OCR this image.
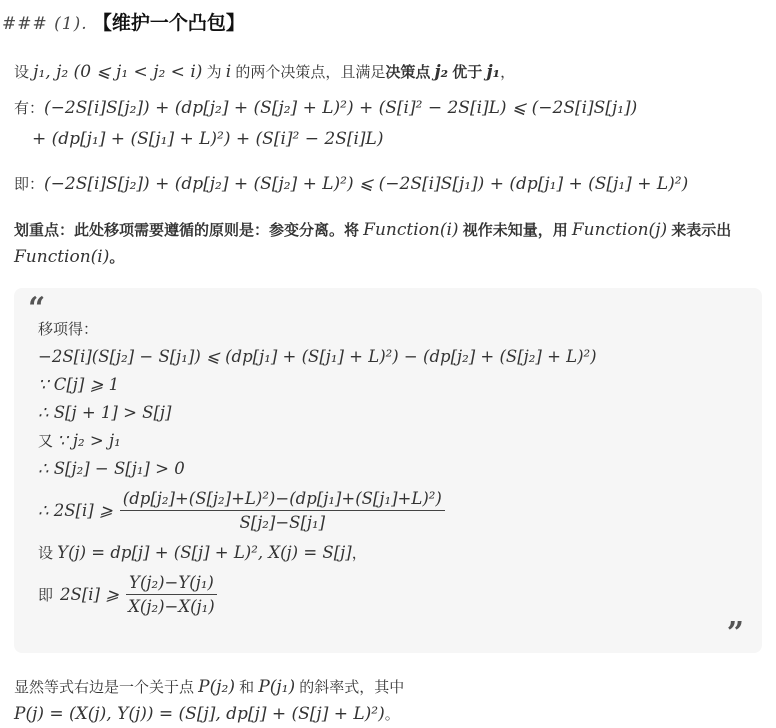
### (1). 【维护一个凸包】

设 j₁, j₂ (0 ⩽ j₁ < j₂ < i) 为 i 的两个决策点，且满足决策点 j₂ 优于 j₁，

有：(−2S[i]S[j₂]) + (dp[j₂] + (S[j₂] + L)²) + (S[i]² − 2S[i]L) ⩽ (−2S[i]S[j₁])
+ (dp[j₁] + (S[j₁] + L)²) + (S[i]² − 2S[i]L)
即：(−2S[i]S[j₂]) + (dp[j₂] + (S[j₂] + L)²) ⩽ (−2S[i]S[j₁]) + (dp[j₁] + (S[j₁] + L)²)

划重点：此处移项需要遵循的原则是：参变分离。将 Function(i) 视作未知量，用 Function(j) 来表示出 Function(i)。

“
移项得：
−2S[i](S[j₂] − S[j₁]) ⩽ (dp[j₁] + (S[j₁] + L)²) − (dp[j₂] + (S[j₂] + L)²)
∵ C[j] ⩾ 1
∴ S[j + 1] > S[j]
又 ∵ j₂ > j₁
∴ S[j₂] − S[j₁] > 0
∴ 2S[i] ⩾ $\frac{\text{(dp[j₂]+(S[j₂]+L)²)−(dp[j₁]+(S[j₁]+L)²)}}{\text{S[j₂]−S[j₁]}}$
设 Y(j) = dp[j] + (S[j] + L)², X(j) = S[j]，
即 2S[i] ⩾ $\frac{\text{Y(j₂)−Y(j₁)}}{\text{X(j₂)−X(j₁)}}$
”

显然等式右边是一个关于点 P(j₂) 和 P(j₁) 的斜率式，其中
P(j) = (X(j), Y(j)) = (S[j], dp[j] + (S[j] + L)²)。
